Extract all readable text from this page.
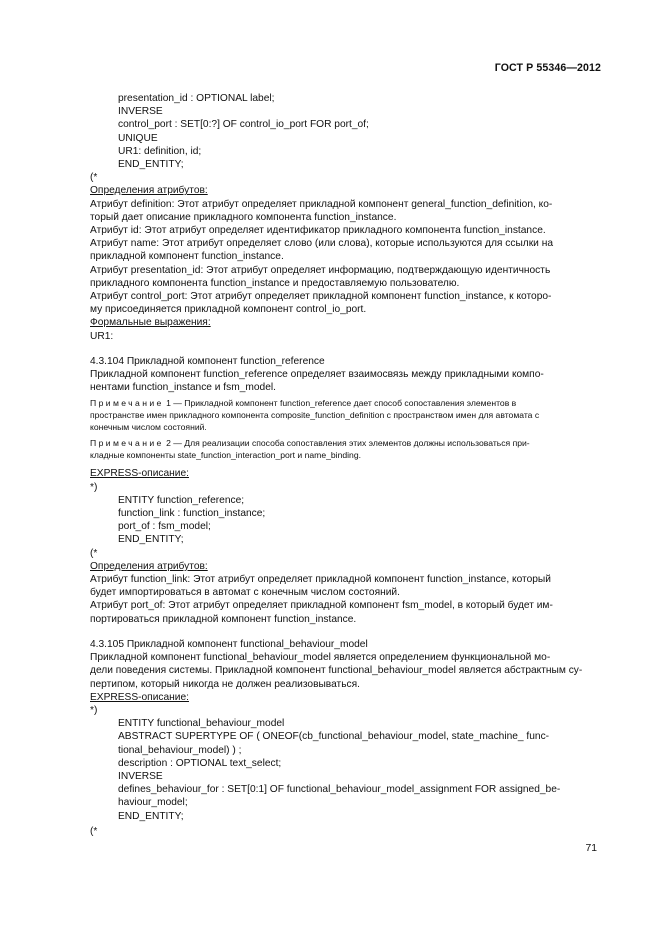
ГОСТ Р 55346—2012
presentation_id : OPTIONAL label;
INVERSE
control_port : SET[0:?] OF control_io_port FOR port_of;
UNIQUE
UR1: definition, id;
END_ENTITY;
(*
Определения атрибутов:
Атрибут definition: Этот атрибут определяет прикладной компонент general_function_definition, ко-
торый дает описание прикладного компонента function_instance.
Атрибут id: Этот атрибут определяет идентификатор прикладного компонента function_instance.
Атрибут name: Этот атрибут определяет слово (или слова), которые используются для ссылки на
прикладной компонент function_instance.
Атрибут presentation_id: Этот атрибут определяет информацию, подтверждающую идентичность
прикладного компонента function_instance и предоставляемую пользователю.
Атрибут control_port: Этот атрибут определяет прикладной компонент function_instance, к которо-
му присоединяется прикладной компонент control_io_port.
Формальные выражения:
UR1:
4.3.104 Прикладной компонент function_reference
Прикладной компонент function_reference определяет взаимосвязь между прикладными компо-
нентами function_instance и fsm_model.
Примечание 1 — Прикладной компонент function_reference дает способ сопоставления элементов в
пространстве имен прикладного компонента composite_function_definition с пространством имен для автомата с
конечным числом состояний.
Примечание 2 — Для реализации способа сопоставления этих элементов должны использоваться при-
кладные компоненты state_function_interaction_port и name_binding.
EXPRESS-описание:
*)
ENTITY function_reference;
function_link : function_instance;
port_of : fsm_model;
END_ENTITY;
(*
Определения атрибутов:
Атрибут function_link: Этот атрибут определяет прикладной компонент function_instance, который
будет импортироваться в автомат с конечным числом состояний.
Атрибут port_of: Этот атрибут определяет прикладной компонент fsm_model, в который будет им-
портироваться прикладной компонент function_instance.
4.3.105 Прикладной компонент functional_behaviour_model
Прикладной компонент functional_behaviour_model является определением функциональной мо-
дели поведения системы. Прикладной компонент functional_behaviour_model является абстрактным су-
пертипом, который никогда не должен реализовываться.
EXPRESS-описание:
*)
ENTITY functional_behaviour_model
ABSTRACT SUPERTYPE OF ( ONEOF(cb_functional_behaviour_model, state_machine_ func-
tional_behaviour_model) ) ;
description : OPTIONAL text_select;
INVERSE
defines_behaviour_for : SET[0:1] OF functional_behaviour_model_assignment FOR assigned_be-
haviour_model;
END_ENTITY;
(*
71
